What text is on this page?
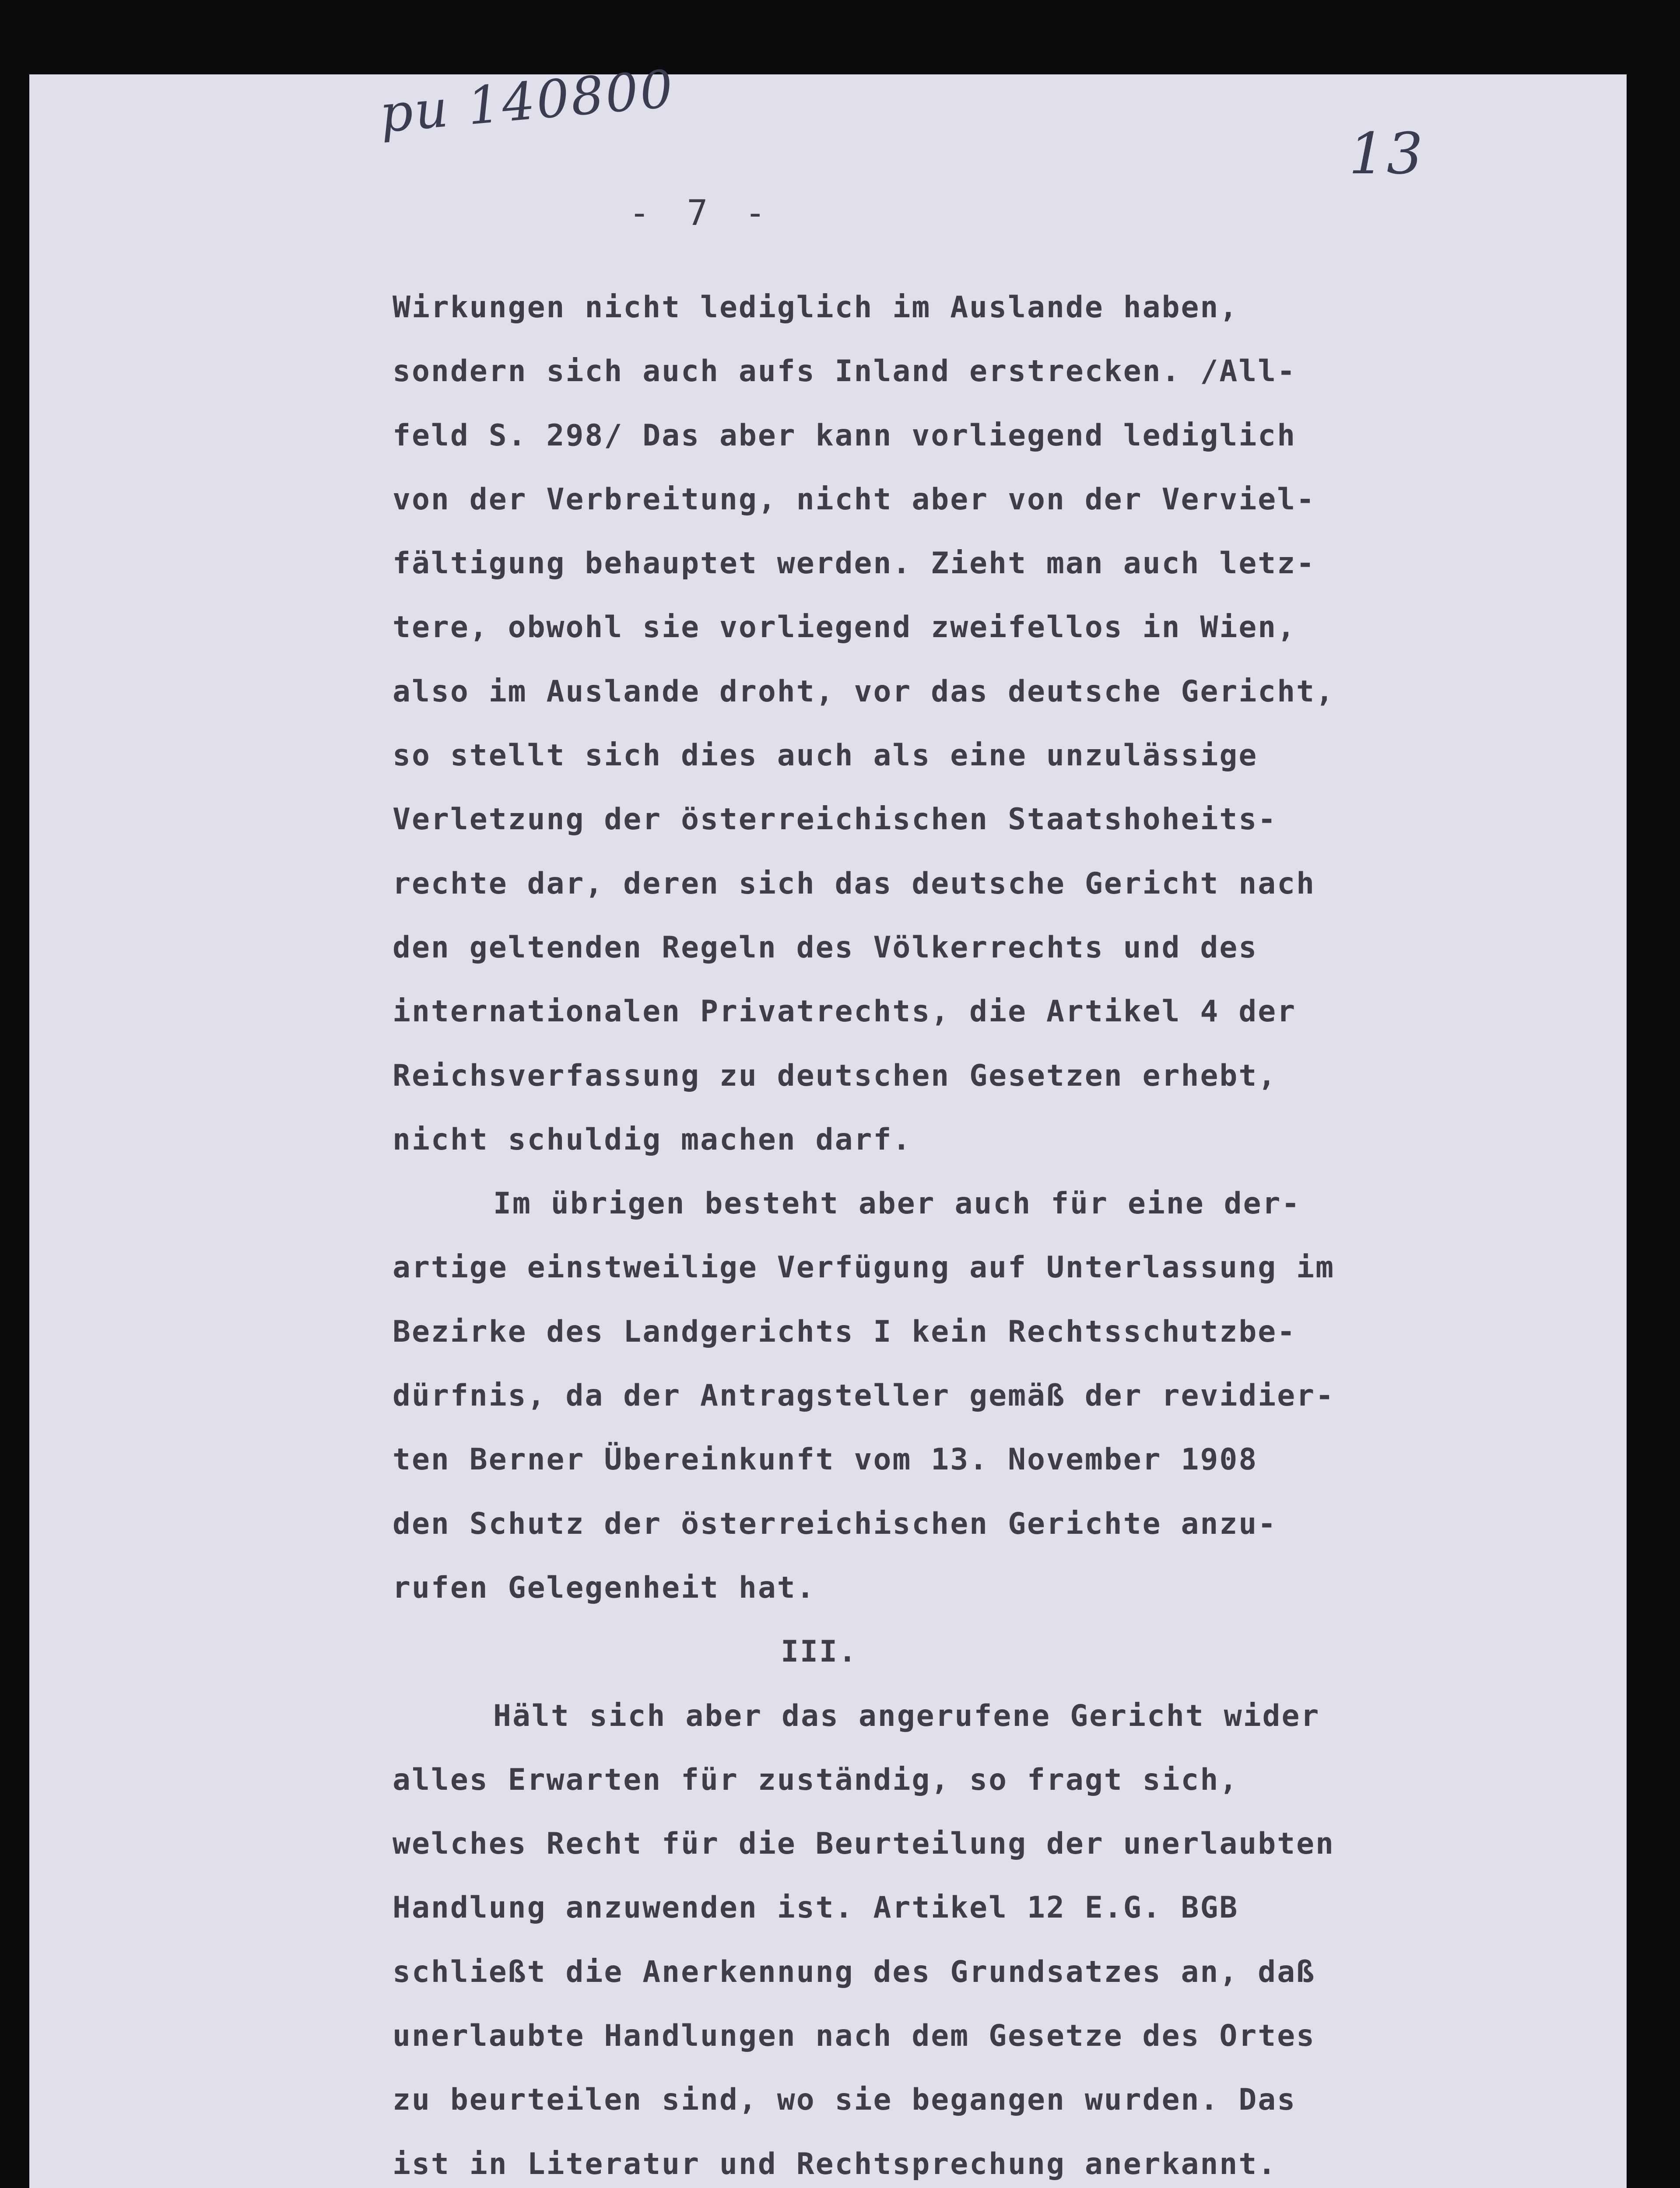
pu 140800
13
- 7 -
Wirkungen nicht lediglich im Auslande haben,
sondern sich auch aufs Inland erstrecken. /All-
feld S. 298/ Das aber kann vorliegend lediglich
von der Verbreitung, nicht aber von der Verviel-
fältigung behauptet werden. Zieht man auch letz-
tere, obwohl sie vorliegend zweifellos in Wien,
also im Auslande droht, vor das deutsche Gericht,
so stellt sich dies auch als eine unzulässige
Verletzung der österreichischen Staatshoheits-
rechte dar, deren sich das deutsche Gericht nach
den geltenden Regeln des Völkerrechts und des
internationalen Privatrechts, die Artikel 4 der
Reichsverfassung zu deutschen Gesetzen erhebt,
nicht schuldig machen darf.
Im übrigen besteht aber auch für eine der-
artige einstweilige Verfügung auf Unterlassung im
Bezirke des Landgerichts I kein Rechtsschutzbe-
dürfnis, da der Antragsteller gemäß der revidier-
ten Berner Übereinkunft vom 13. November 1908
den Schutz der österreichischen Gerichte anzu-
rufen Gelegenheit hat.
III.
Hält sich aber das angerufene Gericht wider
alles Erwarten für zuständig, so fragt sich,
welches Recht für die Beurteilung der unerlaubten
Handlung anzuwenden ist. Artikel 12 E.G. BGB
schließt die Anerkennung des Grundsatzes an, daß
unerlaubte Handlungen nach dem Gesetze des Ortes
zu beurteilen sind, wo sie begangen wurden. Das
ist in Literatur und Rechtsprechung anerkannt.
